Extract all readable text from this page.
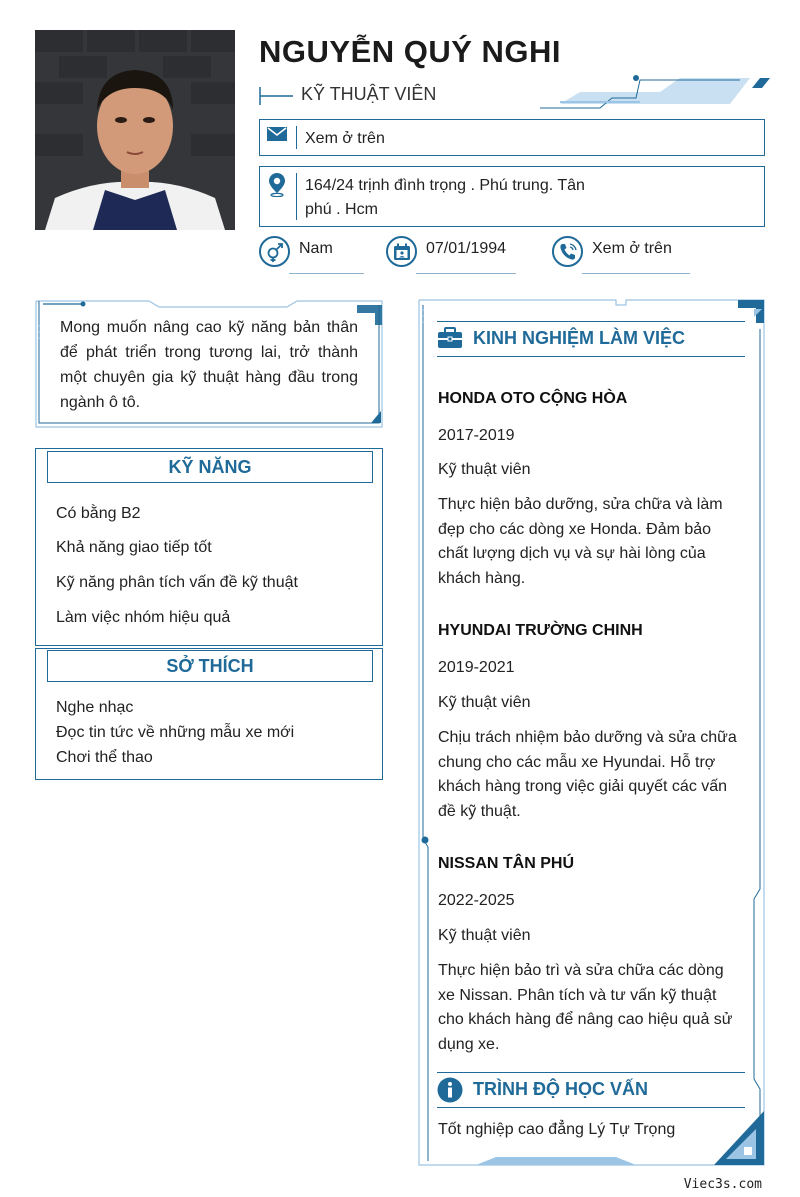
NGUYỄN QUÝ NGHI
KỸ THUẬT VIÊN
Xem ở trên
164/24 trịnh đình trọng . Phú trung. Tân phú . Hcm
Nam	07/01/1994	Xem ở trên
Mong muốn nâng cao kỹ năng bản thân để phát triển trong tương lai, trở thành một chuyên gia kỹ thuật hàng đầu trong ngành ô tô.
KỸ NĂNG
Có bằng B2
Khả năng giao tiếp tốt
Kỹ năng phân tích vấn đề kỹ thuật
Làm việc nhóm hiệu quả
SỞ THÍCH
Nghe nhạc
Đọc tin tức về những mẫu xe mới
Chơi thể thao
KINH NGHIỆM LÀM VIỆC
HONDA OTO CỘNG HÒA
2017-2019
Kỹ thuật viên
Thực hiện bảo dưỡng, sửa chữa và làm đẹp cho các dòng xe Honda. Đảm bảo chất lượng dịch vụ và sự hài lòng của khách hàng.
HYUNDAI TRƯỜNG CHINH
2019-2021
Kỹ thuật viên
Chịu trách nhiệm bảo dưỡng và sửa chữa chung cho các mẫu xe Hyundai. Hỗ trợ khách hàng trong việc giải quyết các vấn đề kỹ thuật.
NISSAN TÂN PHÚ
2022-2025
Kỹ thuật viên
Thực hiện bảo trì và sửa chữa các dòng xe Nissan. Phân tích và tư vấn kỹ thuật cho khách hàng để nâng cao hiệu quả sử dụng xe.
TRÌNH ĐỘ HỌC VẤN
Tốt nghiệp cao đẳng Lý Tự Trọng
Viec3s.com
